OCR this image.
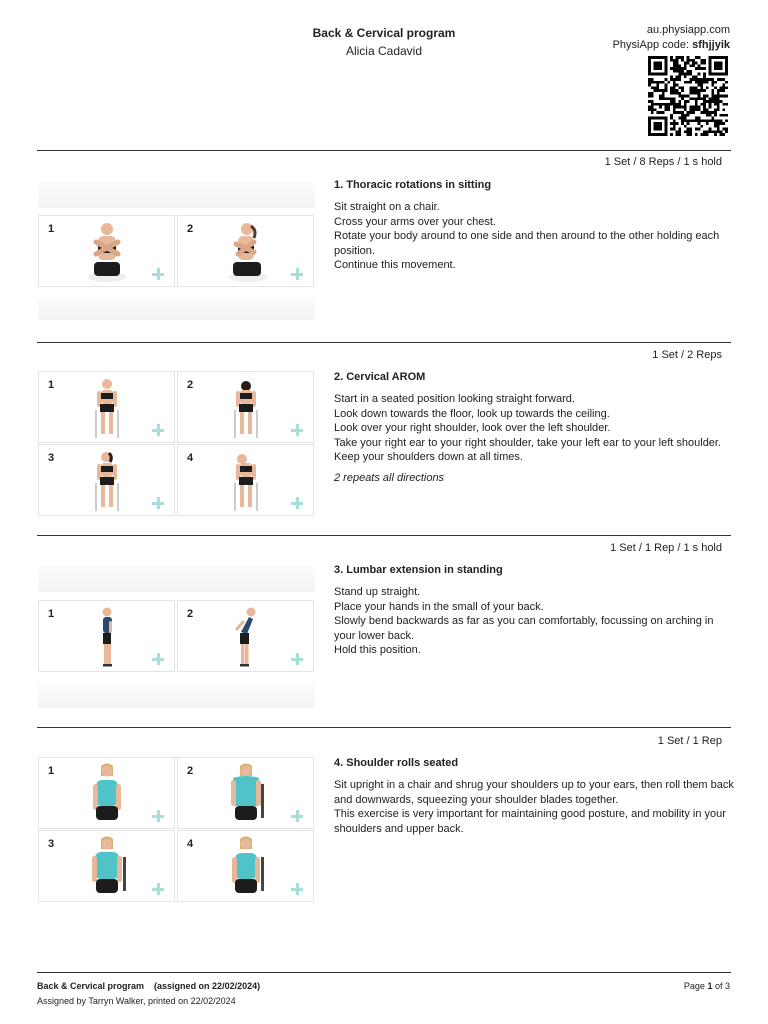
Back & Cervical program
Alicia Cadavid
au.physiapp.com
PhysiApp code: sfhjjyik
1 Set / 8 Reps / 1 s hold
1. Thoracic rotations in sitting

Sit straight on a chair.

Cross your arms over your chest.

Rotate your body around to one side and then around to the other holding each position.

Continue this movement.

1	2
1 Set / 2 Reps
2. Cervical AROM

Start in a seated position looking straight forward.

Look down towards the floor, look up towards the ceiling.

Look over your right shoulder, look over the left shoulder.

Take your right ear to your right shoulder, take your left ear to your left shoulder.

Keep your shoulders down at all times.

2 repeats all directions

1	2
3	4
1 Set / 1 Rep / 1 s hold
3. Lumbar extension in standing

Stand up straight.

Place your hands in the small of your back.

Slowly bend backwards as far as you can comfortably, focussing on arching in your lower back.

Hold this position.

1	2
1 Set / 1 Rep
4. Shoulder rolls seated

Sit upright in a chair and shrug your shoulders up to your ears, then roll them back and downwards, squeezing your shoulder blades together.

This exercise is very important for maintaining good posture, and mobility in your shoulders and upper back.

1	2
3	4
Back & Cervical program    (assigned on 22/02/2024)
Assigned by Tarryn Walker, printed on 22/02/2024
Page 1 of 3
